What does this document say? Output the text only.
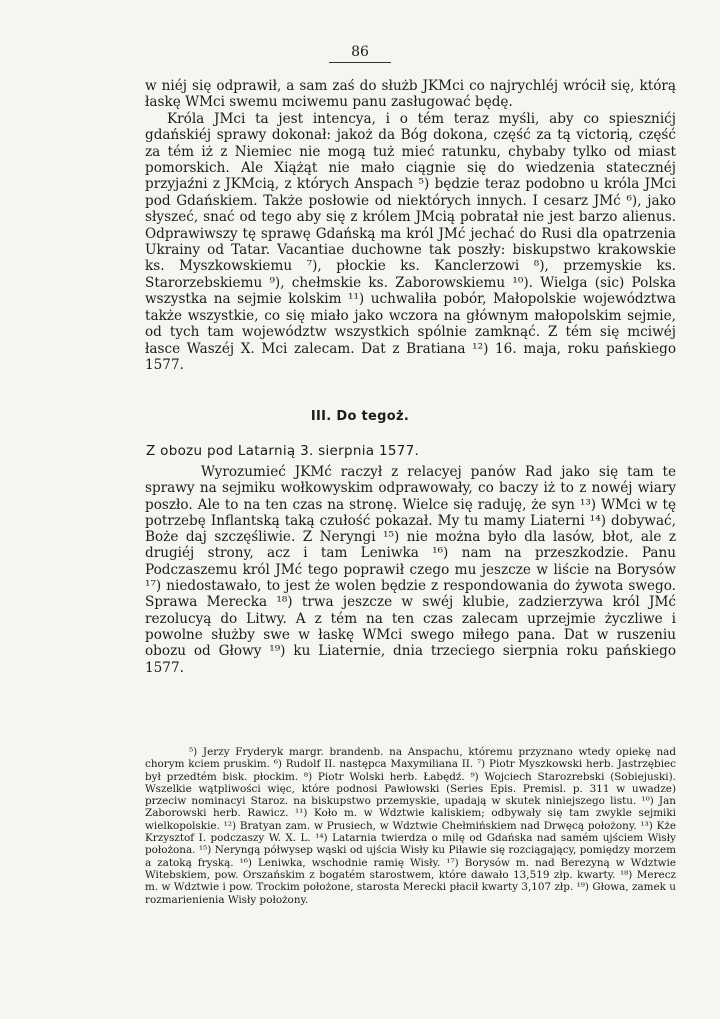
86

w niéj się odprawił, a sam zaś do służb JKMci co najrychléj wrócił się, którą łaskę WMci swemu mciwemu panu zasługować będę.

Króla JMci ta jest intencya, i o tém teraz myśli, aby co spiesznićj gdańskiéj sprawy dokonał: jakoż da Bóg dokona, część za tą victorią, część za tém iż z Niemiec nie mogą tuż mieć ratunku, chybaby tylko od miast pomorskich. Ale Xiążąt nie mało ciągnie się do wiedzenia statecznéj przyjaźni z JKMcią, z których Anspach ⁵) będzie teraz podobno u króla JMci pod Gdańskiem. Także posłowie od niektórych innych. I cesarz JMć ⁶), jako słyszeć, snać od tego aby się z królem JMcią pobratał nie jest barzo alienus. Odprawiwszy tę sprawę Gdańską ma król JMć jechać do Rusi dla opatrzenia Ukrainy od Tatar. Vacantiae duchowne tak poszły: biskupstwo krakowskie ks. Myszkowskiemu ⁷), płockie ks. Kanclerzowi ⁸), przemyskie ks. Starorzebskiemu ⁹), chełmskie ks. Zaborowskiemu ¹⁰). Wielga (sic) Polska wszystka na sejmie kolskim ¹¹) uchwaliła pobór, Małopolskie województwa także wszystkie, co się miało jako wczora na głównym małopolskim sejmie, od tych tam województw wszystkich spólnie zamknąć. Z tém się mciwéj łasce Waszéj X. Mci zalecam. Dat z Bratiana ¹²) 16. maja, roku pańskiego 1577.

III. Do tegoż.
Z obozu pod Latarnią 3. sierpnia 1577.

Wyrozumieć JKMć raczył z relacyej panów Rad jako się tam te sprawy na sejmiku wołkowyskim odprawowały, co baczy iż to z nowéj wiary poszło. Ale to na ten czas na stronę. Wielce się raduję, że syn ¹³) WMci w tę potrzebę Inflantską taką czułość pokazał. My tu mamy Liaterni ¹⁴) dobywać, Boże daj szczęśliwie. Z Neryngi ¹⁵) nie można było dla lasów, błot, ale z drugiéj strony, acz i tam Leniwka ¹⁶) nam na przeszkodzie. Panu Podczaszemu król JMć tego poprawił czego mu jeszcze w liście na Borysów ¹⁷) niedostawało, to jest że wolen będzie z respondowania do żywota swego. Sprawa Merecka ¹⁸) trwa jeszcze w swéj klubie, zadzierzywa król JMć rezolucyą do Litwy. A z tém na ten czas zalecam uprzejmie życzliwe i powolne służby swe w łaskę WMci swego miłego pana. Dat w ruszeniu obozu od Głowy ¹⁹) ku Liaternie, dnia trzeciego sierpnia roku pańskiego 1577.

⁵) Jerzy Fryderyk margr. brandenb. na Anspachu, któremu przyznano wtedy opiekę nad chorym kciem pruskim. ⁶) Rudolf II. następca Maxymiliana II. ⁷) Piotr Myszkowski herb. Jastrzębiec był przedtém bisk. płockim. ⁸) Piotr Wolski herb. Łabędź. ⁹) Wojciech Starozrebski (Sobiejuski). Wszelkie wątpliwości więc, które podnosi Pawłowski (Series Epis. Premisl. p. 311 w uwadze) przeciw nominacyi Staroz. na biskupstwo przemyskie, upadają w skutek niniejszego listu. ¹⁰) Jan Zaborowski herb. Rawicz. ¹¹) Koło m. w Wdztwie kaliskiem; odbywały się tam zwykle sejmiki wielkopolskie. ¹²) Bratyan zam. w Prusiech, w Wdztwie Chełmińskiem nad Drwęcą położony. ¹³) Kże Krzysztof I. podczaszy W. X. L. ¹⁴) Latarnia twierdza o milę od Gdańska nad samém ujściem Wisły położona. ¹⁵) Neryngą półwysep wąski od ujścia Wisły ku Piławie się rozciągający, pomiędzy morzem a zatoką fryską. ¹⁶) Leniwka, wschodnie ramię Wisły. ¹⁷) Borysów m. nad Berezyną w Wdztwie Witebskiem, pow. Orszańskim z bogatém starostwem, które dawało 13,519 złp. kwarty. ¹⁸) Merecz m. w Wdztwie i pow. Trockim położone, starosta Merecki płacił kwarty 3,107 złp. ¹⁹) Głowa, zamek u rozmarienienia Wisły położony.
